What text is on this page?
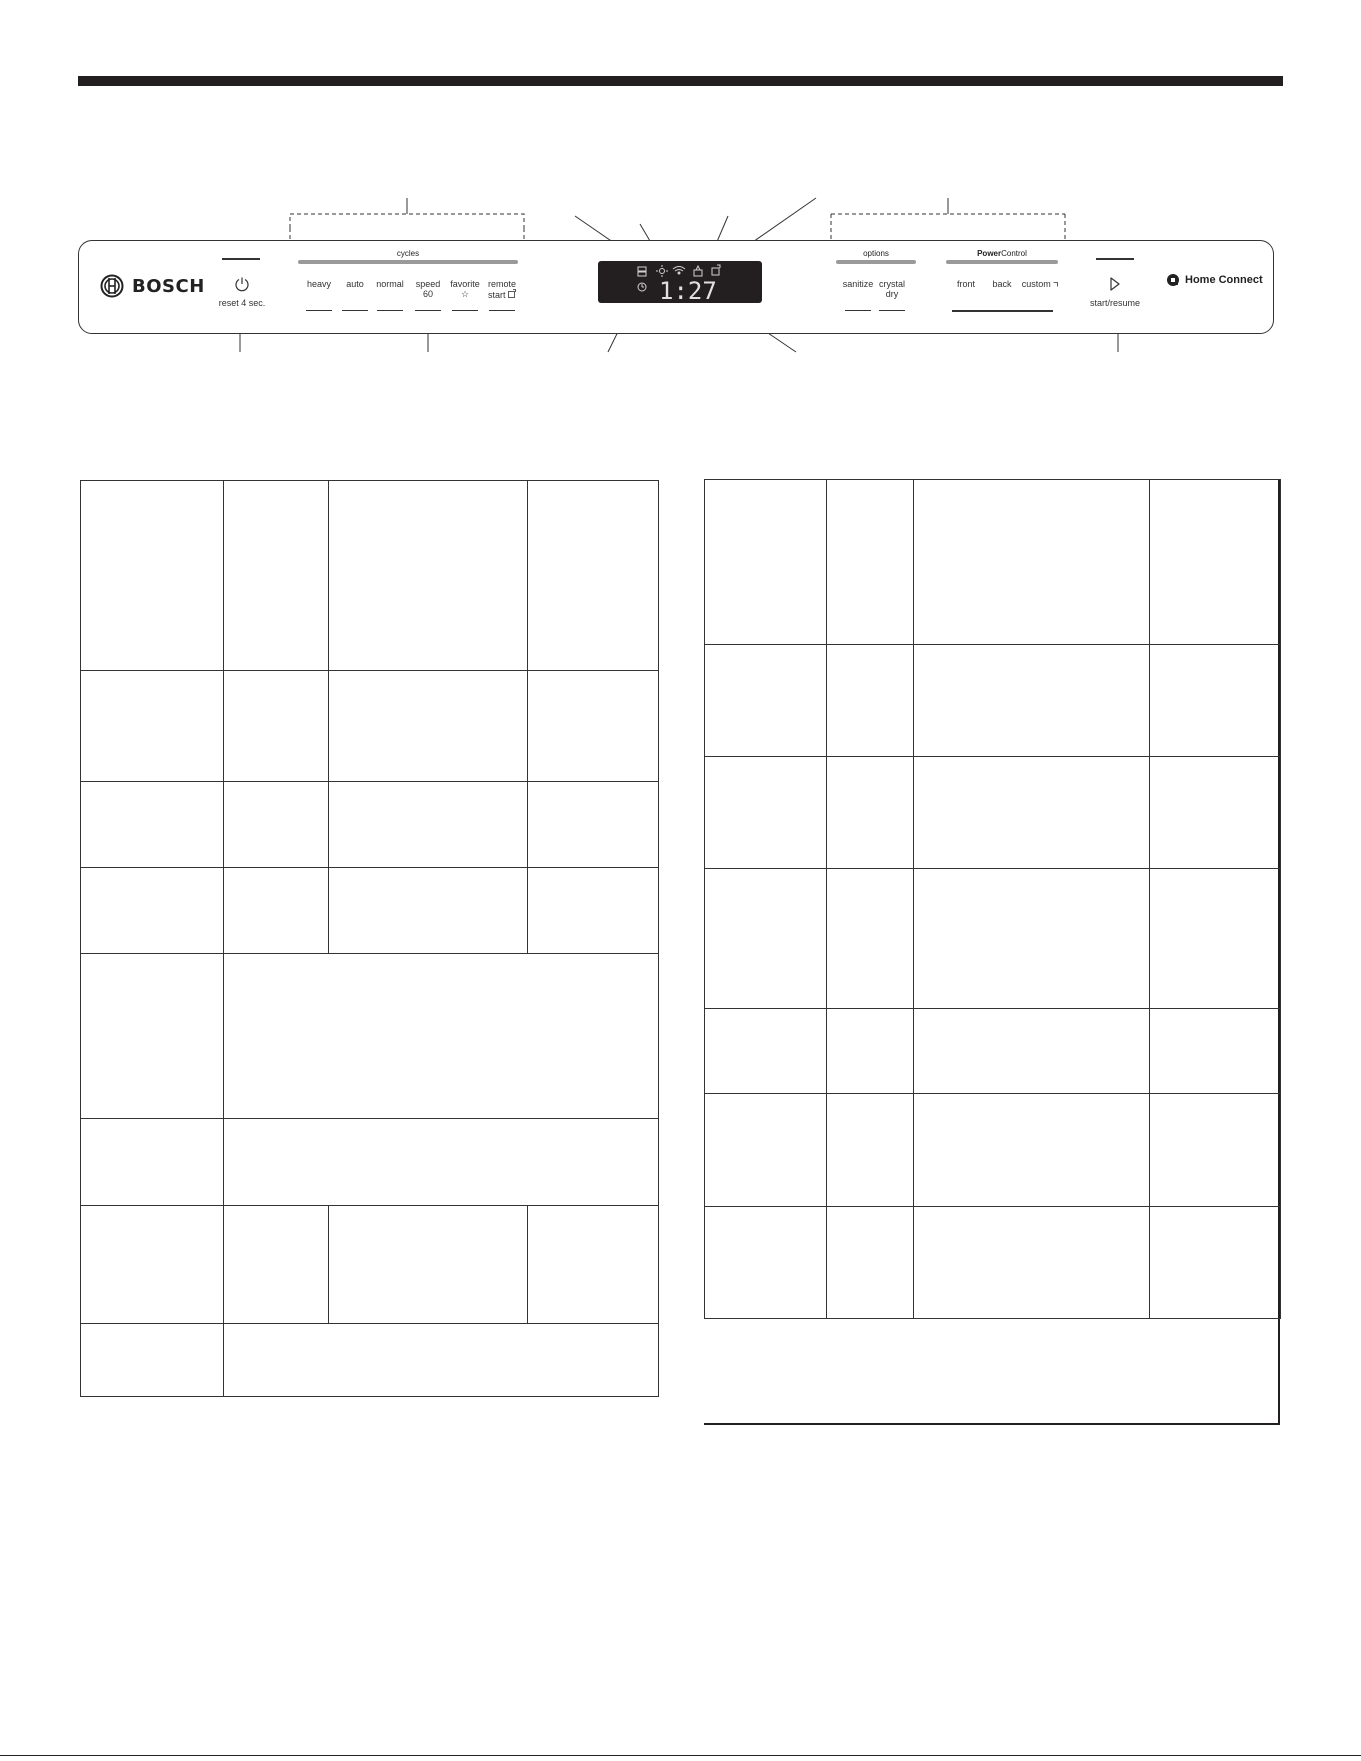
BOSCH
reset 4 sec.
cycles
heavy auto normal speed
60
favorite
☆
remote
start	1:27
options
sanitize crystal
dry
PowerControl
front back custom
start/resume
Home Connect
